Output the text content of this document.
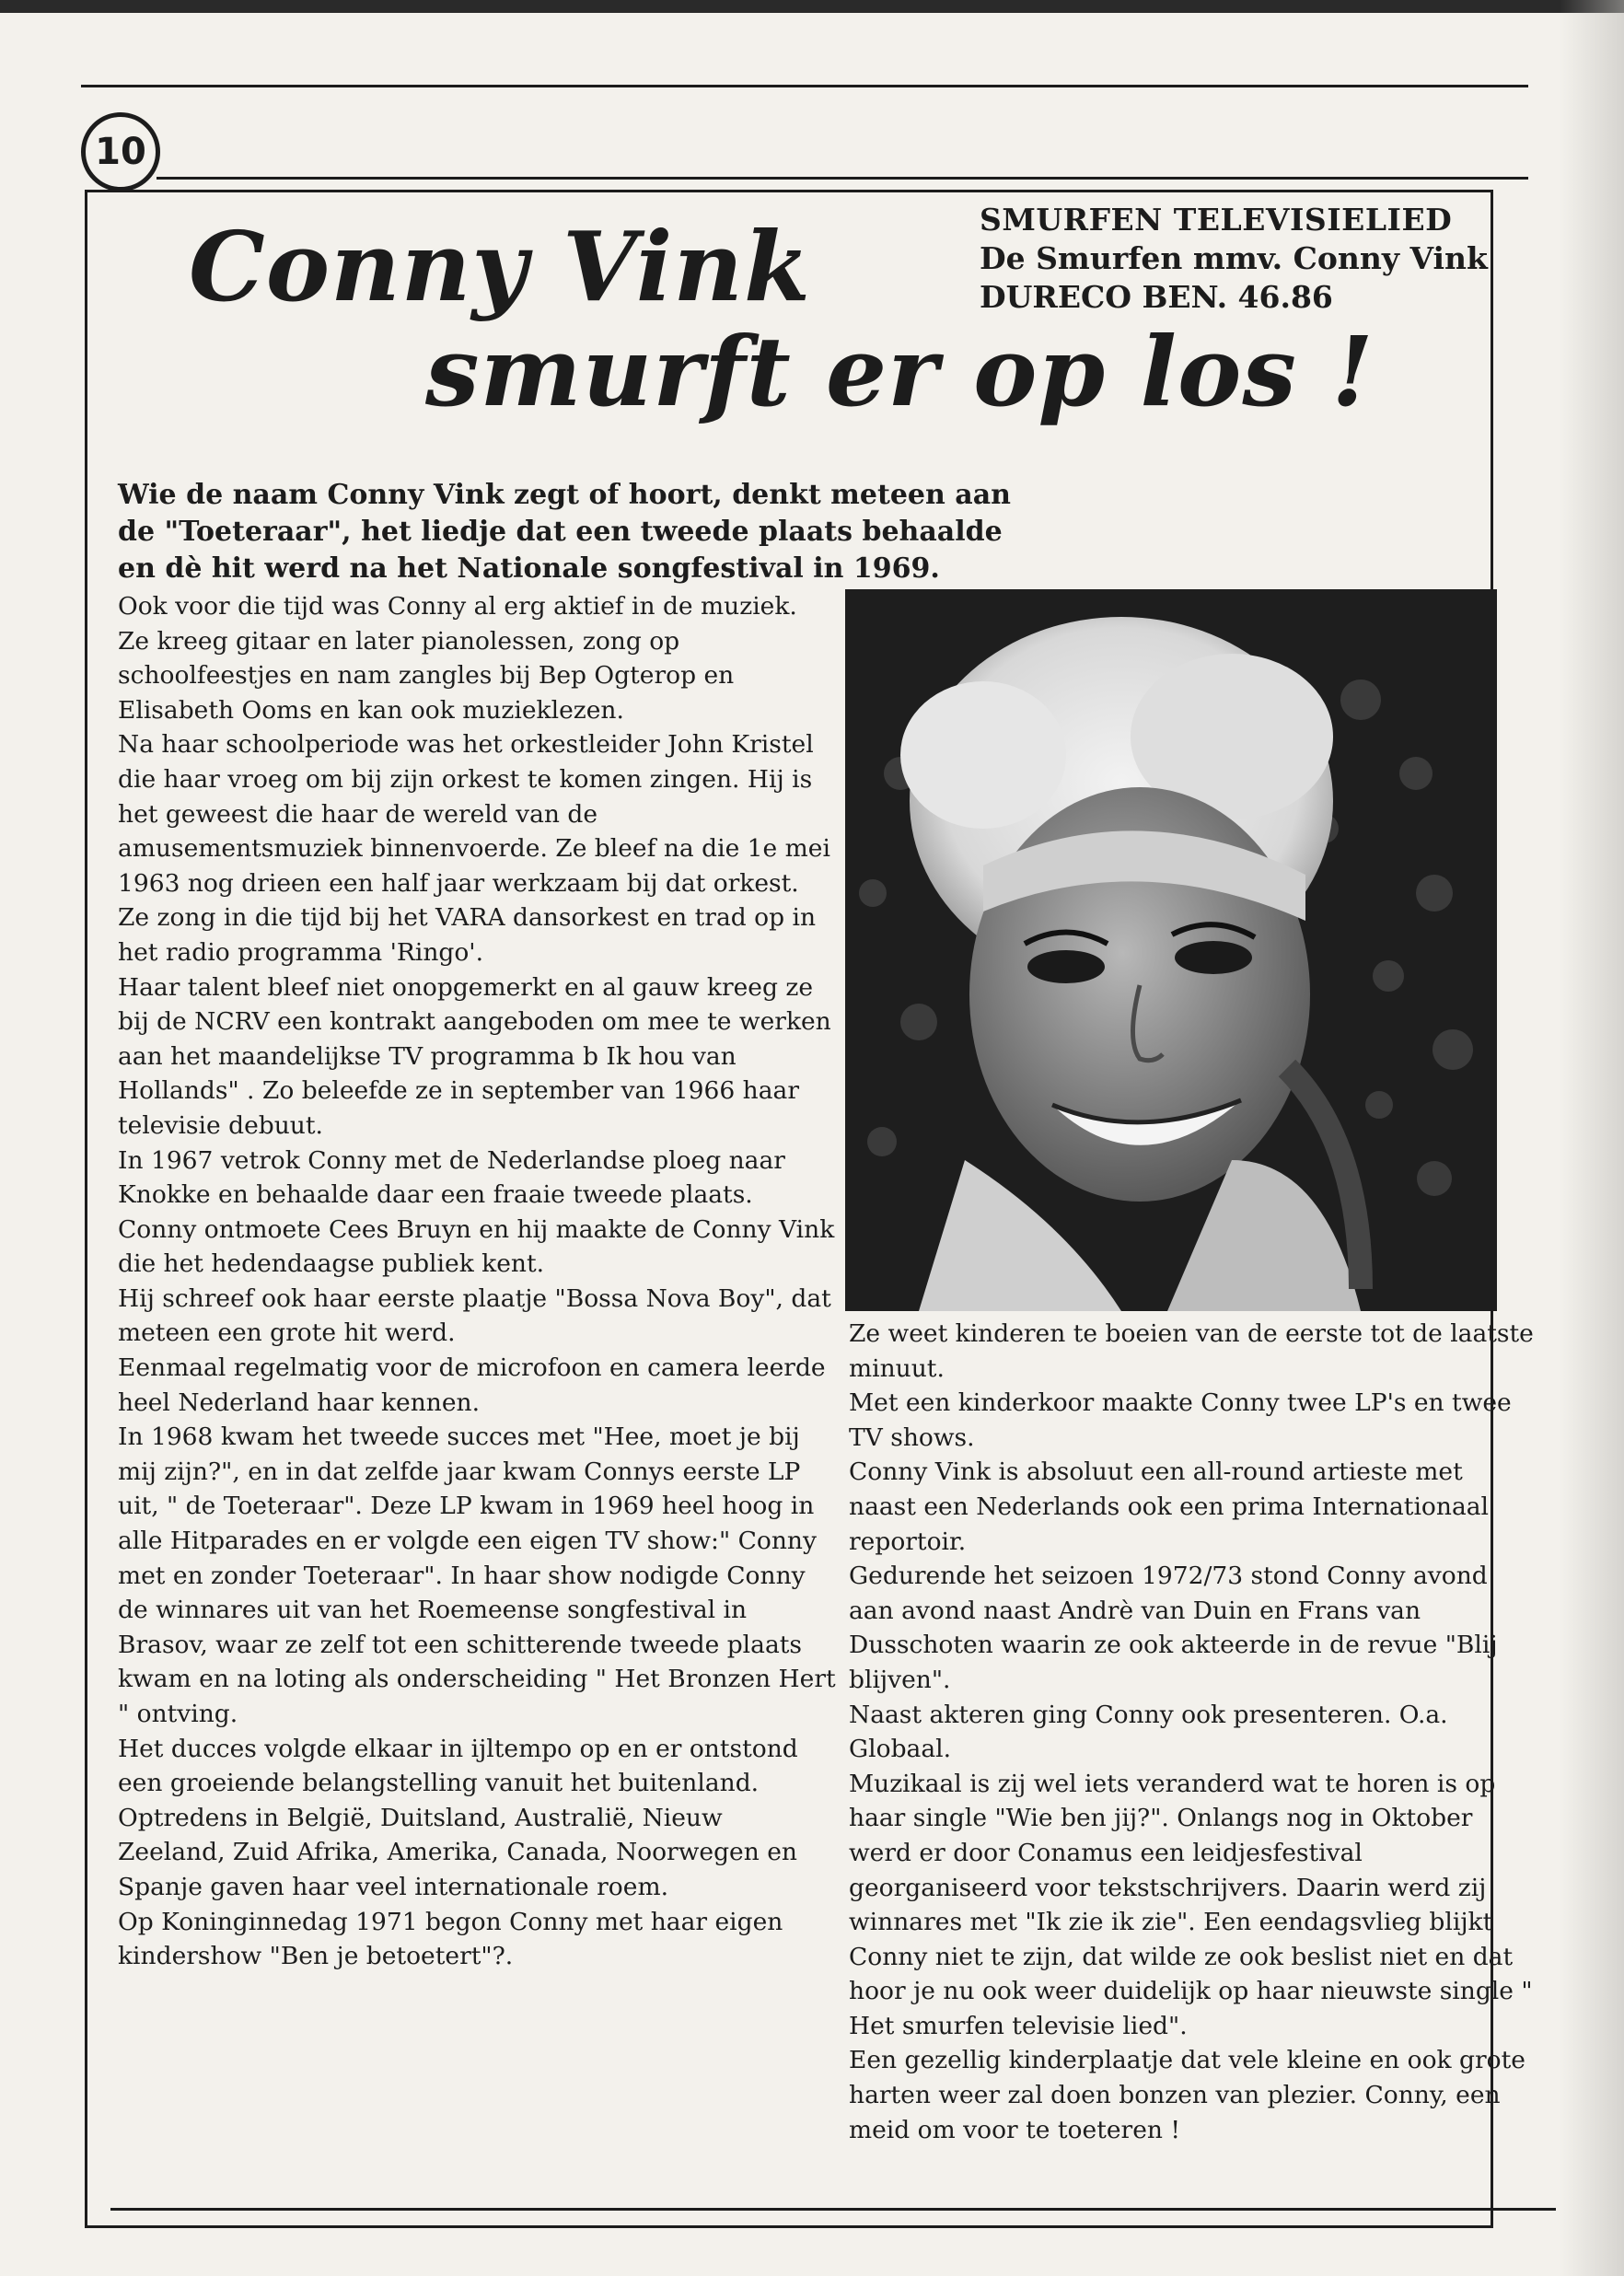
10
Conny Vink
smurft er op los !
SMURFEN TELEVISIELIED
De Smurfen mmv. Conny Vink
DURECO BEN. 46.86

Wie de naam Conny Vink zegt of hoort, denkt meteen aan

de "Toeteraar", het liedje dat een tweede plaats behaalde

en dè hit werd na het Nationale songfestival in 1969.

Ook voor die tijd was Conny al erg aktief in de muziek. Ze kreeg gitaar en later pianolessen, zong op schoolfeestjes en nam zangles bij Bep Ogterop en Elisabeth Ooms en kan ook muzieklezen.

Na haar schoolperiode was het orkestleider John Kristel die haar vroeg om bij zijn orkest te komen zingen. Hij is het geweest die haar de wereld van de amusementsmuziek binnenvoerde. Ze bleef na die 1e mei 1963 nog drieen een half jaar werkzaam bij dat orkest.

Ze zong in die tijd bij het VARA dansorkest en trad op in het radio programma 'Ringo'.

Haar talent bleef niet onopgemerkt en al gauw kreeg ze bij de NCRV een kontrakt aangeboden om mee te werken aan het maandelijkse TV programma b Ik hou van Hollands" . Zo beleefde ze in september van 1966 haar televisie debuut.

In 1967 vetrok Conny met de Nederlandse ploeg naar Knokke en behaalde daar een fraaie tweede plaats. Conny ontmoete Cees Bruyn en hij maakte de Conny Vink die het hedendaagse publiek kent.

Hij schreef ook haar eerste plaatje "Bossa Nova Boy", dat meteen een grote hit werd.

Eenmaal regelmatig voor de microfoon en camera leerde heel Nederland haar kennen.

In 1968 kwam het tweede succes met "Hee, moet je bij mij zijn?", en in dat zelfde jaar kwam Connys eerste LP uit, " de Toeteraar". Deze LP kwam in 1969 heel hoog in alle Hitparades en er volgde een eigen TV show:" Conny met en zonder Toeteraar". In haar show nodigde Conny de winnares uit van het Roemeense songfestival in Brasov, waar ze zelf tot een schitterende tweede plaats kwam en na loting als onderscheiding " Het Bronzen Hert " ontving.

Het ducces volgde elkaar in ijltempo op en er ontstond een groeiende belangstelling vanuit het buitenland. Optredens in België, Duitsland, Australië, Nieuw Zeeland, Zuid Afrika, Amerika, Canada, Noorwegen en Spanje gaven haar veel internationale roem.

Op Koninginnedag 1971 begon Conny met haar eigen kindershow "Ben je betoetert"?.

Ze weet kinderen te boeien van de eerste tot de laatste minuut.

Met een kinderkoor maakte Conny twee LP's en twee TV shows.

Conny Vink is absoluut een all-round artieste met naast een Nederlands ook een prima Internationaal reportoir.

Gedurende het seizoen 1972/73 stond Conny avond aan avond naast Andrè van Duin en Frans van Dusschoten waarin ze ook akteerde in de revue "Blij blijven".

Naast akteren ging Conny ook presenteren. O.a. Globaal.

Muzikaal is zij wel iets veranderd wat te horen is op haar single "Wie ben jij?". Onlangs nog in Oktober werd er door Conamus een leidjesfestival georganiseerd voor tekstschrijvers. Daarin werd zij winnares met "Ik zie ik zie". Een eendagsvlieg blijkt Conny niet te zijn, dat wilde ze ook beslist niet en dat hoor je nu ook weer duidelijk op haar nieuwste single " Het smurfen televisie lied".

Een gezellig kinderplaatje dat vele kleine en ook grote harten weer zal doen bonzen van plezier. Conny, een meid om voor te toeteren !
